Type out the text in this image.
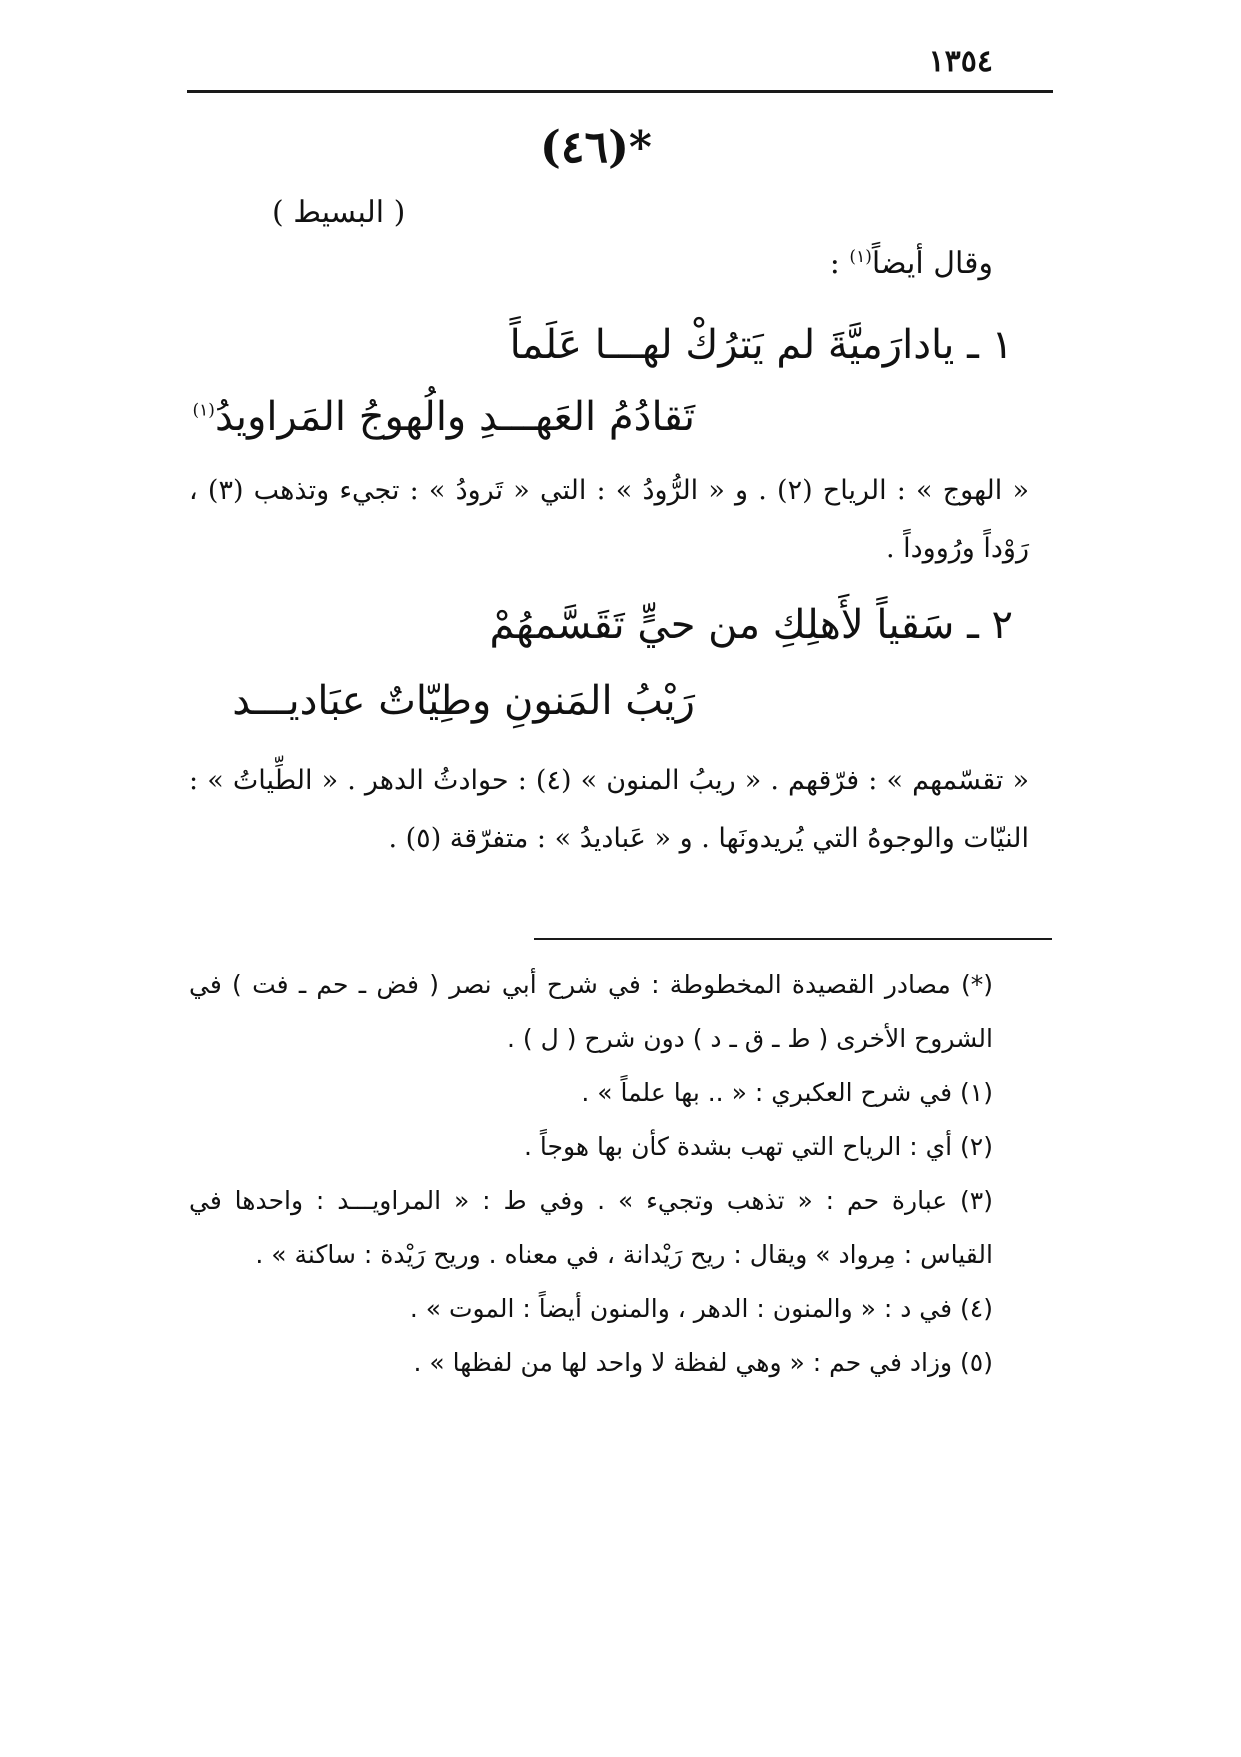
١٣٥٤
*(٤٦)
( البسيط )
وقال أيضاً$^{(١)}$ :
١ ـ يادارَميَّةَ لم يَترُكْ لهـــا عَلَماً
تَقادُمُ العَهـــدِ والُهوجُ المَراويدُ$^{(١)}$
« الهوج » : الرياح (٢) . و « الرُّودُ » : التي « تَرودُ » : تجيء وتذهب (٣) ، رَوْداً ورُووداً .
٢ ـ سَقياً لأَهلِكِ من حيٍّ تَقَسَّمهُمْ
رَيْبُ المَنونِ وطِيّاتٌ عبَاديـــد
« تقسّمهم » : فرّقهم . « ريبُ المنون » (٤) : حوادثُ الدهر . « الطِّياتُ » : النيّات والوجوهُ التي يُريدونَها . و « عَباديدُ » : متفرّقة (٥) .

(*) مصادر القصيدة المخطوطة : في شرح أبي نصر ( فض ـ حم ـ فت ) في الشروح الأخرى ( ط ـ ق ـ د ) دون شرح ( ل ) .

(١) في شرح العكبري : « .. بها علماً » .

(٢) أي : الرياح التي تهب بشدة كأن بها هوجاً .

(٣) عبارة حم : « تذهب وتجيء » . وفي ط : « المراويـــد : واحدها في القياس : مِرواد » ويقال : ريح رَيْدانة ، في معناه . وريح رَيْدة : ساكنة » .

(٤) في د : « والمنون : الدهر ، والمنون أيضاً : الموت » .

(٥) وزاد في حم : « وهي لفظة لا واحد لها من لفظها » .
